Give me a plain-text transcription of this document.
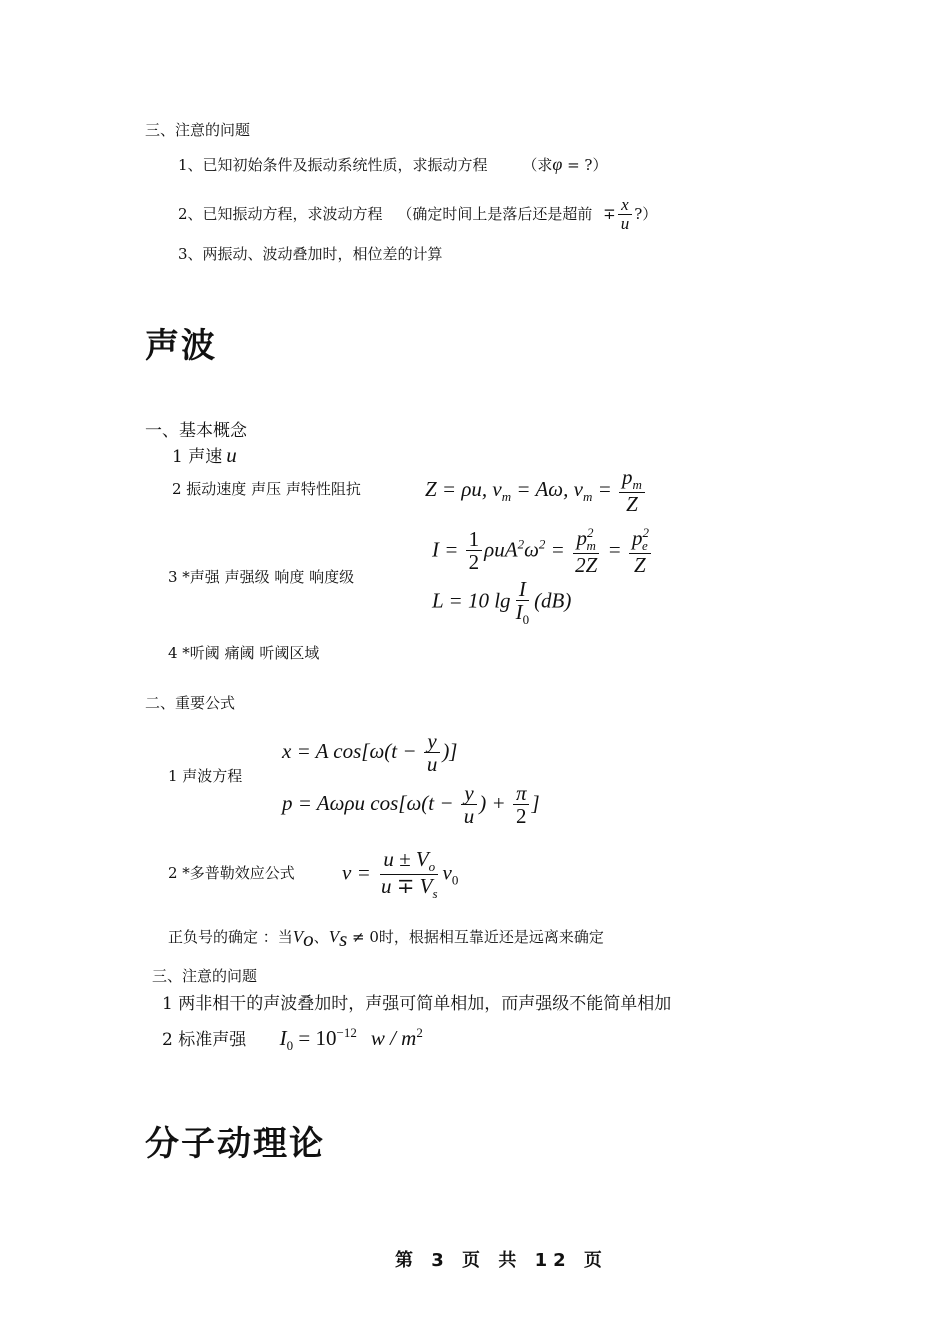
三、注意的问题
1、已知初始条件及振动系统性质，求振动方程 （求φ = ?）
2、已知振动方程，求波动方程 （确定时间上是落后还是超前 ∓ $\frac{x}{u}$ ?）
3、两振动、波动叠加时，相位差的计算
声波
一、基本概念
1 声速 u
2 振动速度 声压 声特性阻抗	Z = ρu, $v_m = A\omega$, $v_m = \frac{p_m}{Z}$
3 *声强 声强级 响度 响度级
$I = \frac{1}{2} \rho uA^2\omega^2 = \frac{p^2_m}{2Z} = \frac{p^2_e}{Z}$
L = 10 $\lg \frac{I}{I_0} (dB)$
4 *听阈 痛阈 听阈区域
二、重要公式
1 声波方程
x = A $\cos[\omega(t - \frac{y}{u}$ )]
p = Aωρu $\cos[\omega(t - \frac{y}{u}$ ) + $\frac{\pi}{2}$ ]
2 *多普勒效应公式 $v = \frac{u \pm V_o}{u \mp V_s} v_0$
正负号的确定 ：当$V_o$、$V_s \ne 0$时，根据相互靠近还是远离来确定
三、注意的问题
1 两非相干的声波叠加时，声强可简单相加，而声强级不能简单相加
2 标准声强 $I_0 = 10^{-12}$ w / $m^2$
分子动理论
第 3 页 共 12 页
